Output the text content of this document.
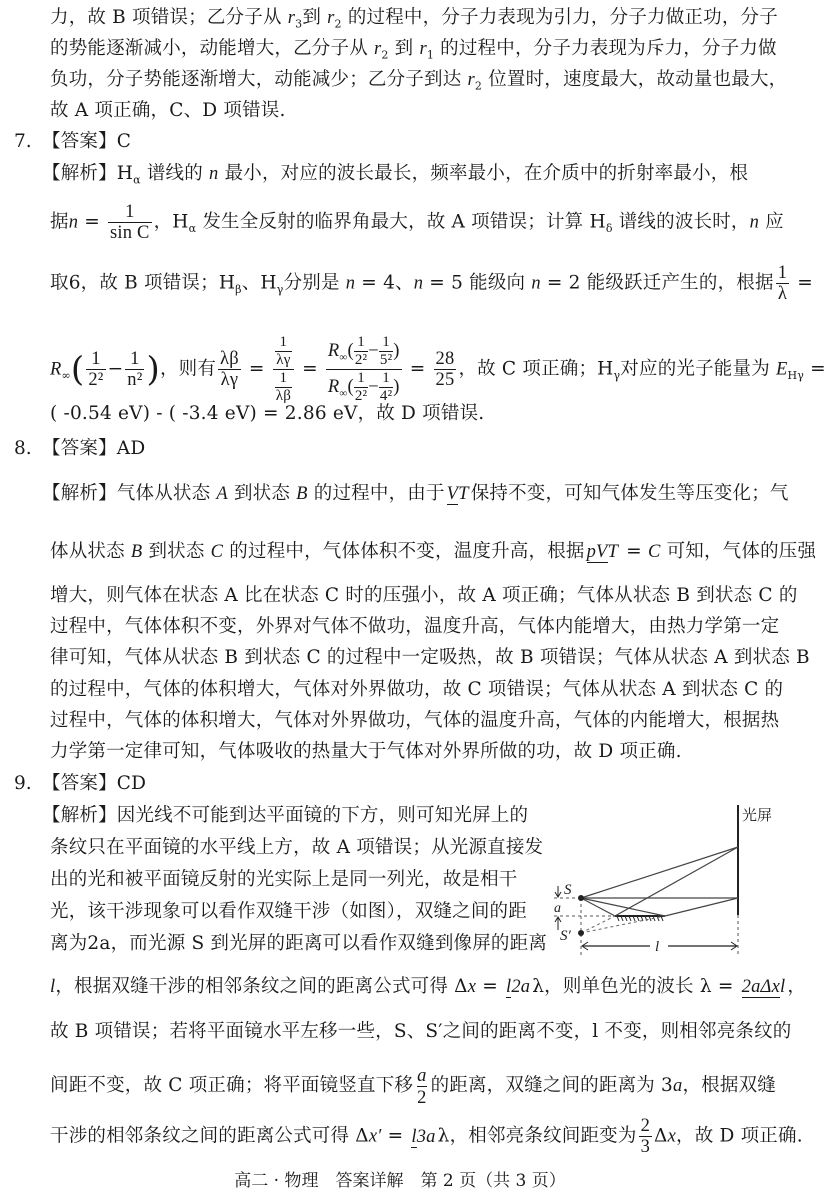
力，故 B 项错误；乙分子从 $r_3$到 $r_2$ 的过程中，分子力表现为引力，分子力做正功，分子
的势能逐渐减小，动能增大，乙分子从 $r_2$ 到 $r_1$ 的过程中，分子力表现为斥力，分子力做
负功，分子势能逐渐增大，动能减少；乙分子到达 $r_2$ 位置时，速度最大，故动量也最大，
故 A 项正确，C、D 项错误.
7. 【答案】C
【解析】$H_\alpha$ 谱线的 n 最小，对应的波长最长，频率最小，在介质中的折射率最小，根
据$n = \frac{1}{\text{sin C}}$ ，$H_\alpha$ 发生全反射的临界角最大，故 A 项错误；计算 $H_\delta$ 谱线的波长时，n 应
取6，故 B 项错误；$H_\beta$、$H_\gamma$分别是 n = 4、n = 5 能级向 n = 2 能级跃迁产生的，根据 $\frac{1}{\lambda}$ =
$R_\infty( \frac{1}{\text{2²}} - \frac{1}{\text{n²}}$ )，则有 $\frac{\lambda\beta}{\lambda\gamma} = \frac{\frac{1}{\lambda\gamma}}{\frac{1}{\lambda\beta}} = \frac{R_\infty( \frac{1}{\text{2²}} - \frac{1}{\text{5²}} )}{R_\infty( \frac{1}{\text{2²}} - \frac{1}{\text{4²}} )} = \frac{28}{25}$ ，故 C 项正确；$H_\gamma$对应的光子能量为 $E_{H\gamma}$ =
( -0.54 eV) - ( -3.4 eV) = 2.86 eV，故 D 项错误.
8. 【答案】AD
【解析】气体从状态 A 到状态 B 的过程中，由于 VT 保持不变，可知气体发生等压变化；气
体从状态 B 到状态 C 的过程中，气体体积不变，温度升高，根据 pVT = C 可知，气体的压强
增大，则气体在状态 A 比在状态 C 时的压强小，故 A 项正确；气体从状态 B 到状态 C 的
过程中，气体体积不变，外界对气体不做功，温度升高，气体内能增大，由热力学第一定
律可知，气体从状态 B 到状态 C 的过程中一定吸热，故 B 项错误；气体从状态 A 到状态 B
的过程中，气体的体积增大，气体对外界做功，故 C 项错误；气体从状态 A 到状态 C 的
过程中，气体的体积增大，气体对外界做功，气体的温度升高，气体的内能增大，根据热
力学第一定律可知，气体吸收的热量大于气体对外界所做的功，故 D 项正确.
9. 【答案】CD
【解析】因光线不可能到达平面镜的下方，则可知光屏上的
条纹只在平面镜的水平线上方，故 A 项错误；从光源直接发
出的光和被平面镜反射的光实际上是同一列光，故是相干
光，该干涉现象可以看作双缝干涉（如图），双缝之间的距
离为2a，而光源 S 到光屏的距离可以看作双缝到像屏的距离
光屏
S
S′
a
l
l，根据双缝干涉的相邻条纹之间的距离公式可得 Δx = l2a λ，则单色光的波长 λ = 2aΔxl ，
故 B 项错误；若将平面镜水平左移一些，S、S′之间的距离不变，l 不变，则相邻亮条纹的
间距不变，故 C 项正确；将平面镜竖直下移 $\frac{a}{2}$ 的距离，双缝之间的距离为 3a，根据双缝
干涉的相邻条纹之间的距离公式可得 Δx′ = l3a λ，相邻亮条纹间距变为 $\frac{2}{3}$ Δx，故 D 项正确.
高二 · 物理　答案详解　第 2 页（共 3 页）
